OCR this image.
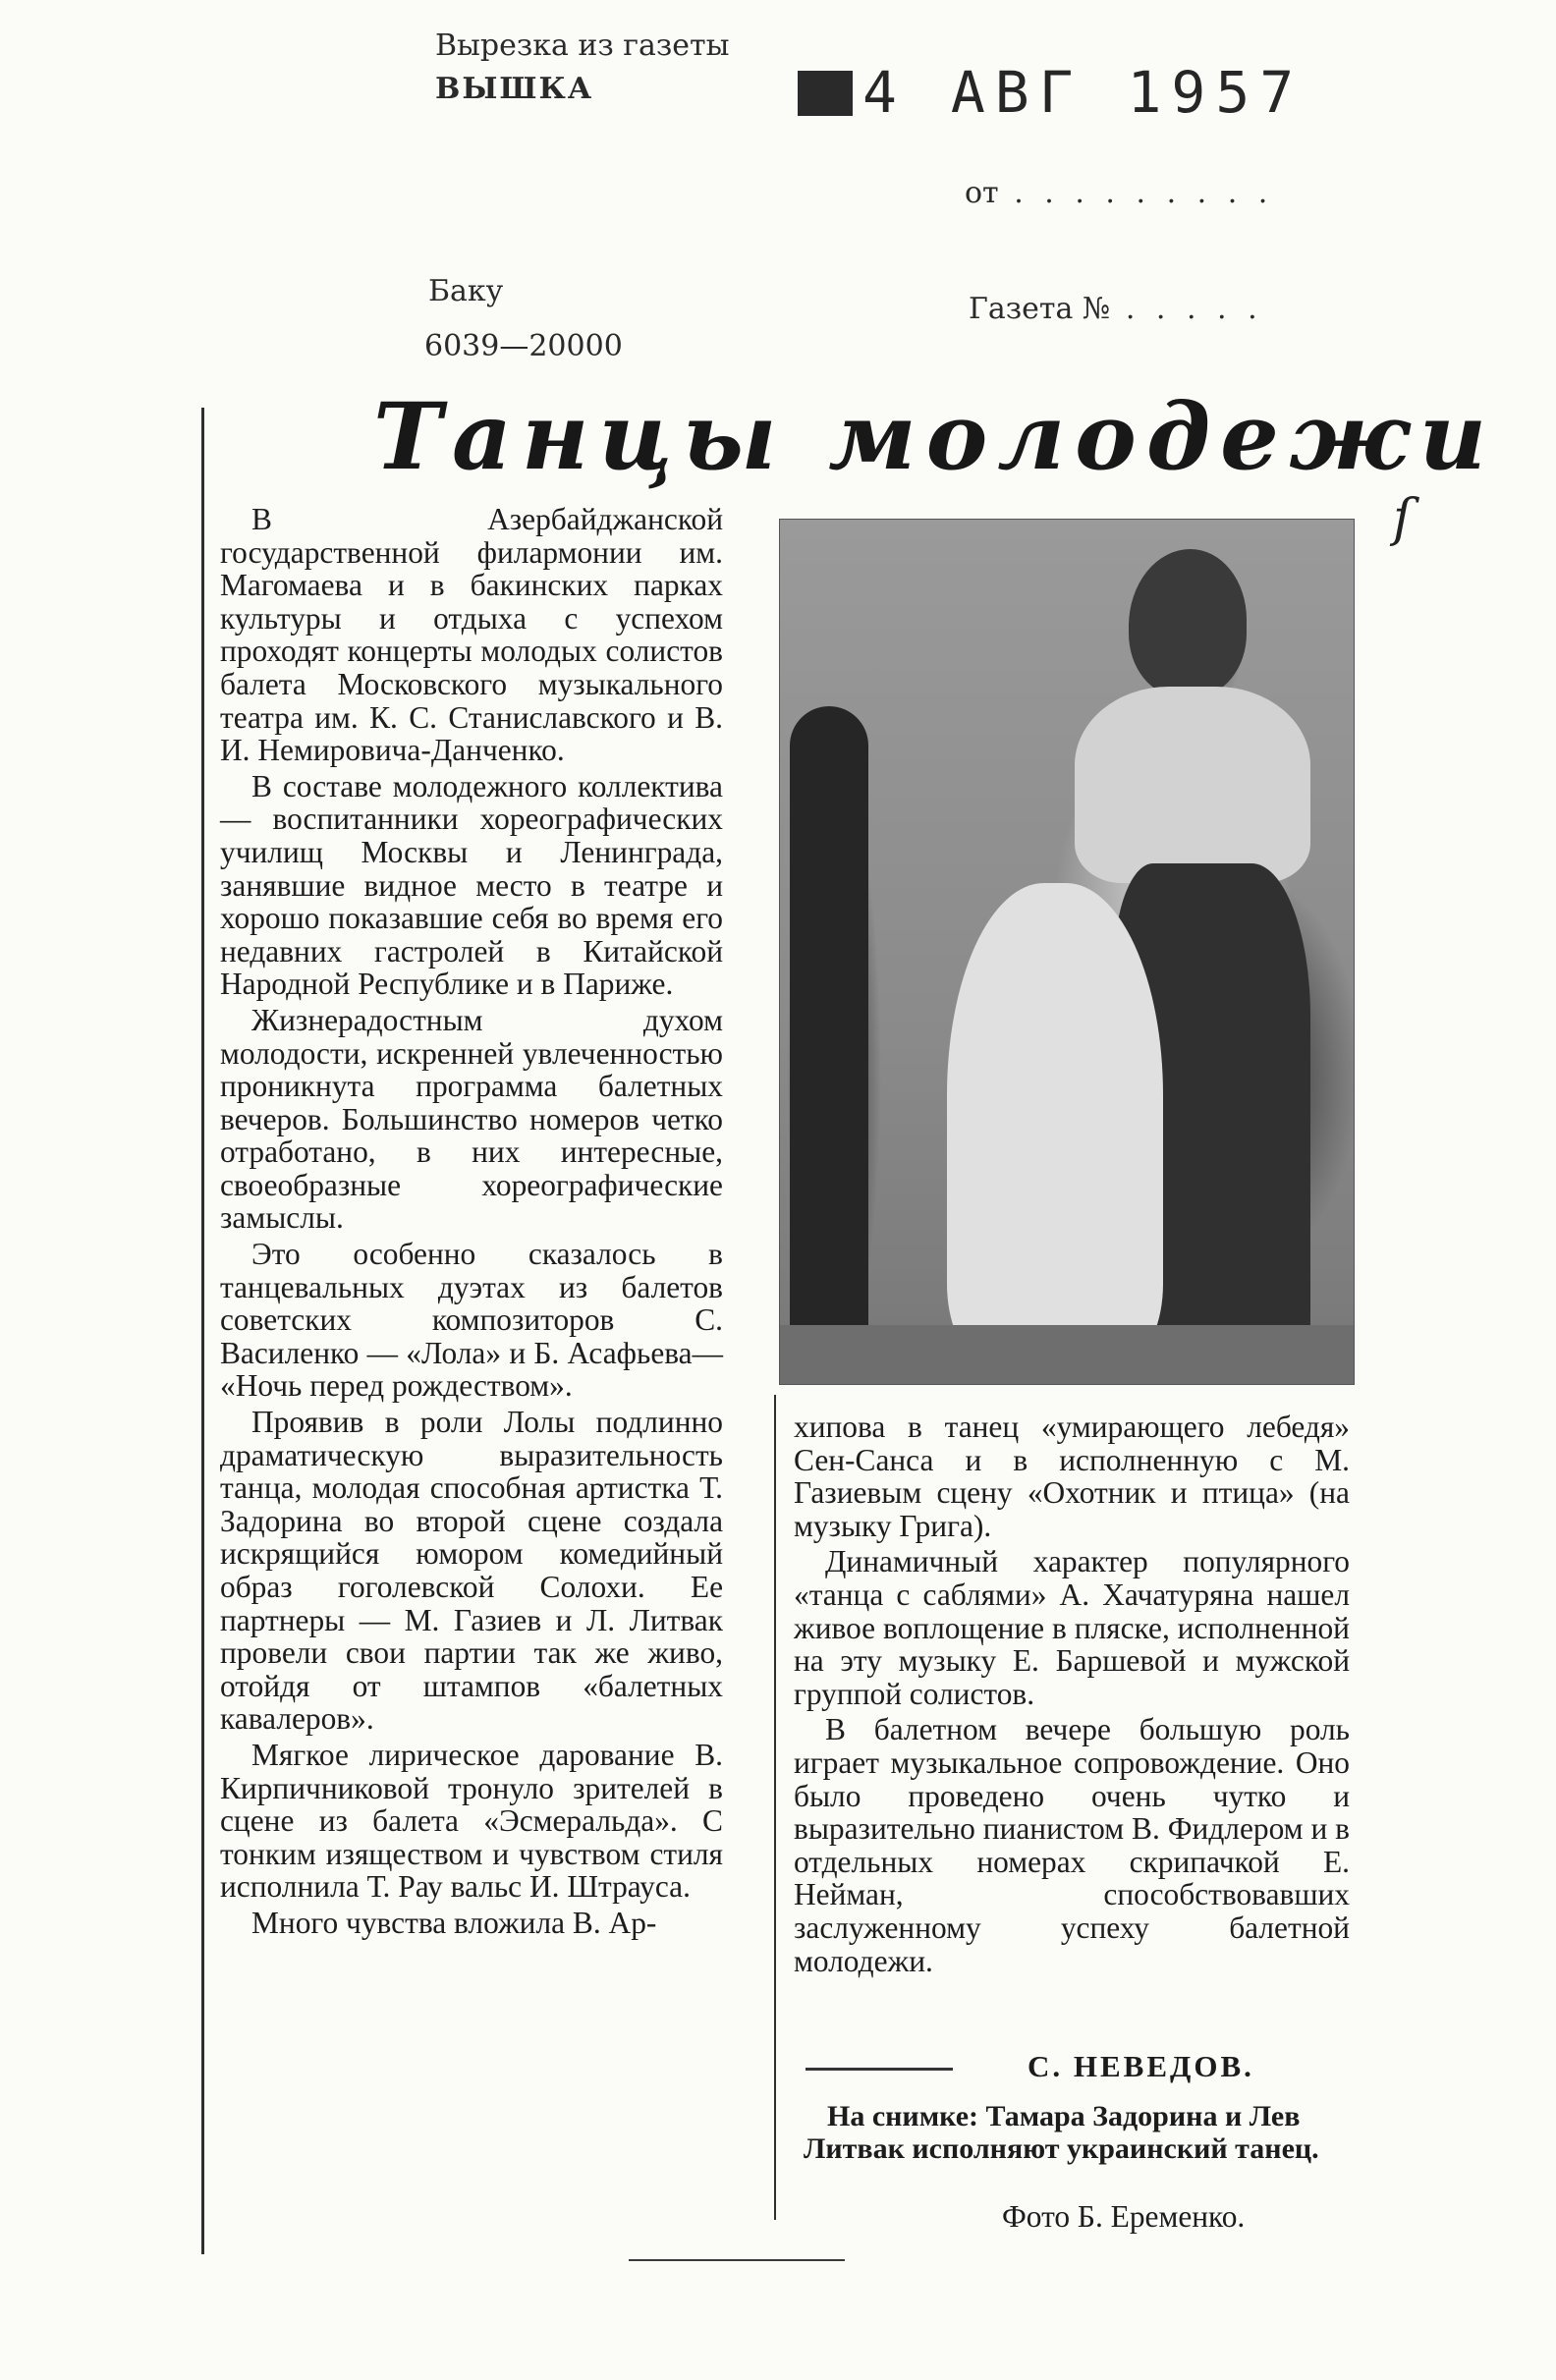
Вырезка из газеты
ВЫШКА	4 АВГ 1957
от . . . . . . . . .
Баку
6039—20000
Газета № . . . . .
Танцы молодежи
ſ

В Азербайджанской государственной филармонии им. Магомаева и в бакинских парках культуры и отдыха с успехом проходят концерты молодых солистов балета Московского музыкального театра им. К. С. Станиславского и В. И. Немировича-Данченко.

В составе молодежного коллектива — воспитанники хореографических училищ Москвы и Ленинграда, занявшие видное место в театре и хорошо показавшие себя во время его недавних гастролей в Китайской Народной Республике и в Париже.

Жизнерадостным духом молодости, искренней увлеченностью проникнута программа балетных вечеров. Большинство номеров четко отработано, в них интересные, своеобразные хореографические замыслы.

Это особенно сказалось в танцевальных дуэтах из балетов советских композиторов С. Василенко — «Лола» и Б. Асафьева— «Ночь перед рождеством».

Проявив в роли Лолы подлинно драматическую выразительность танца, молодая способная артистка Т. Задорина во второй сцене создала искрящийся юмором комедийный образ гоголевской Солохи. Ее партнеры — М. Газиев и Л. Литвак провели свои партии так же живо, отойдя от штампов «балетных кавалеров».

Мягкое лирическое дарование В. Кирпичниковой тронуло зрителей в сцене из балета «Эсмеральда». С тонким изяществом и чувством стиля исполнила Т. Рау вальс И. Штрауса.

Много чувства вложила В. Ар-

хипова в танец «умирающего лебедя» Сен-Санса и в исполненную с М. Газиевым сцену «Охотник и птица» (на музыку Грига).

Динамичный характер популярного «танца с саблями» А. Хачатуряна нашел живое воплощение в пляске, исполненной на эту музыку Е. Баршевой и мужской группой солистов.

В балетном вечере большую роль играет музыкальное сопровождение. Оно было проведено очень чутко и выразительно пианистом В. Фидлером и в отдельных номерах скрипачкой Е. Нейман, способствовавших заслуженному успеху балетной молодежи.

С. НЕВЕДОВ.
На снимке: Тамара Задорина и Лев Литвак исполняют украинский танец.
Фото Б. Еременко.
